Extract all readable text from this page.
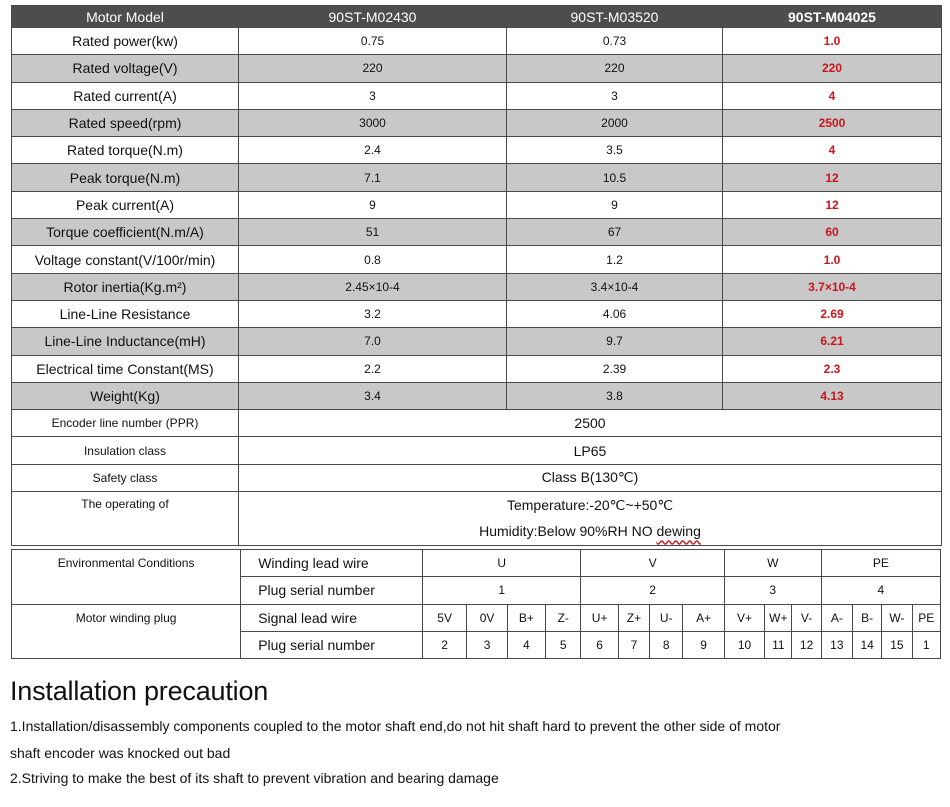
Motor Model	90ST-M02430	90ST-M03520	90ST-M04025
Rated power(kw)	0.75	0.73	1.0
Rated voltage(V)	220	220	220
Rated current(A)	3	3	4
Rated speed(rpm)	3000	2000	2500
Rated torque(N.m)	2.4	3.5	4
Peak torque(N.m)	7.1	10.5	12
Peak current(A)	9	9	12
Torque coefficient(N.m/A)	51	67	60
Voltage constant(V/100r/min)	0.8	1.2	1.0
Rotor inertia(Kg.m²)	2.45×10-4	3.4×10-4	3.7×10-4
Line-Line Resistance	3.2	4.06	2.69
Line-Line Inductance(mH)	7.0	9.7	6.21
Electrical time Constant(MS)	2.2	2.39	2.3
Weight(Kg)	3.4	3.8	4.13
Encoder line number (PPR)	2500		
Insulation class	LP65		
Safety class	Class B(130℃)		
The operating of	Temperature:-20℃~+50℃		
	Humidity:Below 90%RH NO dewing		
Environmental Conditions	Winding lead wire	U				V				W			PE			
	Plug serial number	1				2				3			4			
Motor winding plug	Signal lead wire	5V	0V	B+	Z-	U+	Z+	U-	A+	V+	W+	V-	A-	B-	W-	PE
	Plug serial number	2	3	4	5	6	7	8	9	10	11	12	13	14	15	1
Installation precaution

1.Installation/disassembly components coupled to the motor shaft end,do not hit shaft hard to prevent the other side of motor

shaft encoder was knocked out bad

2.Striving to make the best of its shaft to prevent vibration and bearing damage
